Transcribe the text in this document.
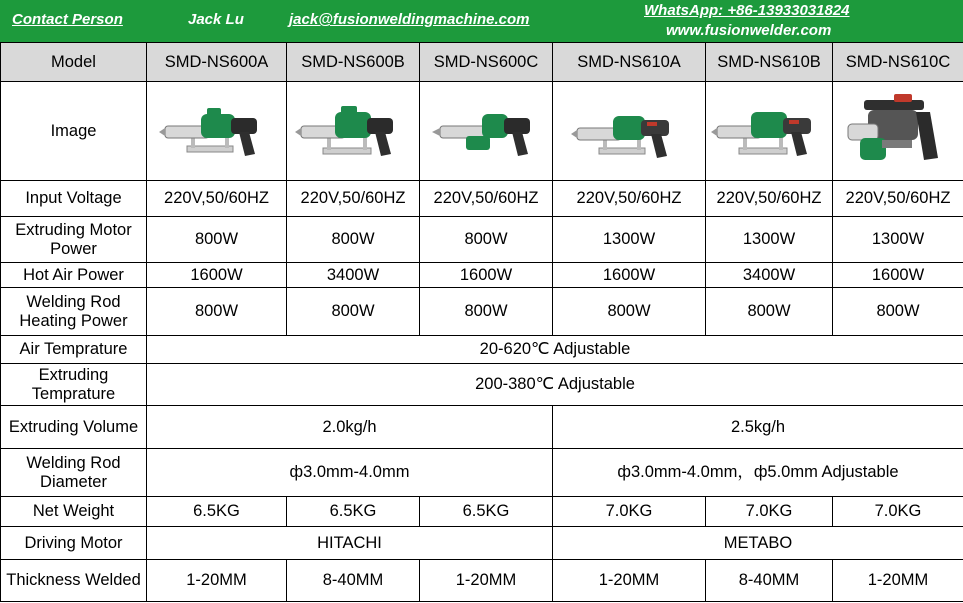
Contact Person	Jack Lu	jack@fusionweldingmachine.com
WhatsApp: +86-13933031824
www.fusionwelder.com
Model	SMD-NS600A	SMD-NS600B	SMD-NS600C	SMD-NS610A	SMD-NS610B	SMD-NS610C
Image	

Input Voltage	220V,50/60HZ	220V,50/60HZ	220V,50/60HZ	220V,50/60HZ	220V,50/60HZ	220V,50/60HZ
Extruding Motor Power	800W	800W	800W	1300W	1300W	1300W
Hot Air Power	1600W	3400W	1600W	1600W	3400W	1600W
Welding Rod Heating Power	800W	800W	800W	800W	800W	800W
Air Temprature	20-620℃ Adjustable					
Extruding Temprature	200-380℃ Adjustable					
Extruding Volume	2.0kg/h			2.5kg/h		
Welding Rod Diameter	ф3.0mm-4.0mm			ф3.0mm-4.0mm，ф5.0mm Adjustable		
Net Weight	6.5KG	6.5KG	6.5KG	7.0KG	7.0KG	7.0KG
Driving Motor	HITACHI			METABO		
Thickness Welded	1-20MM	8-40MM	1-20MM	1-20MM	8-40MM	1-20MM
